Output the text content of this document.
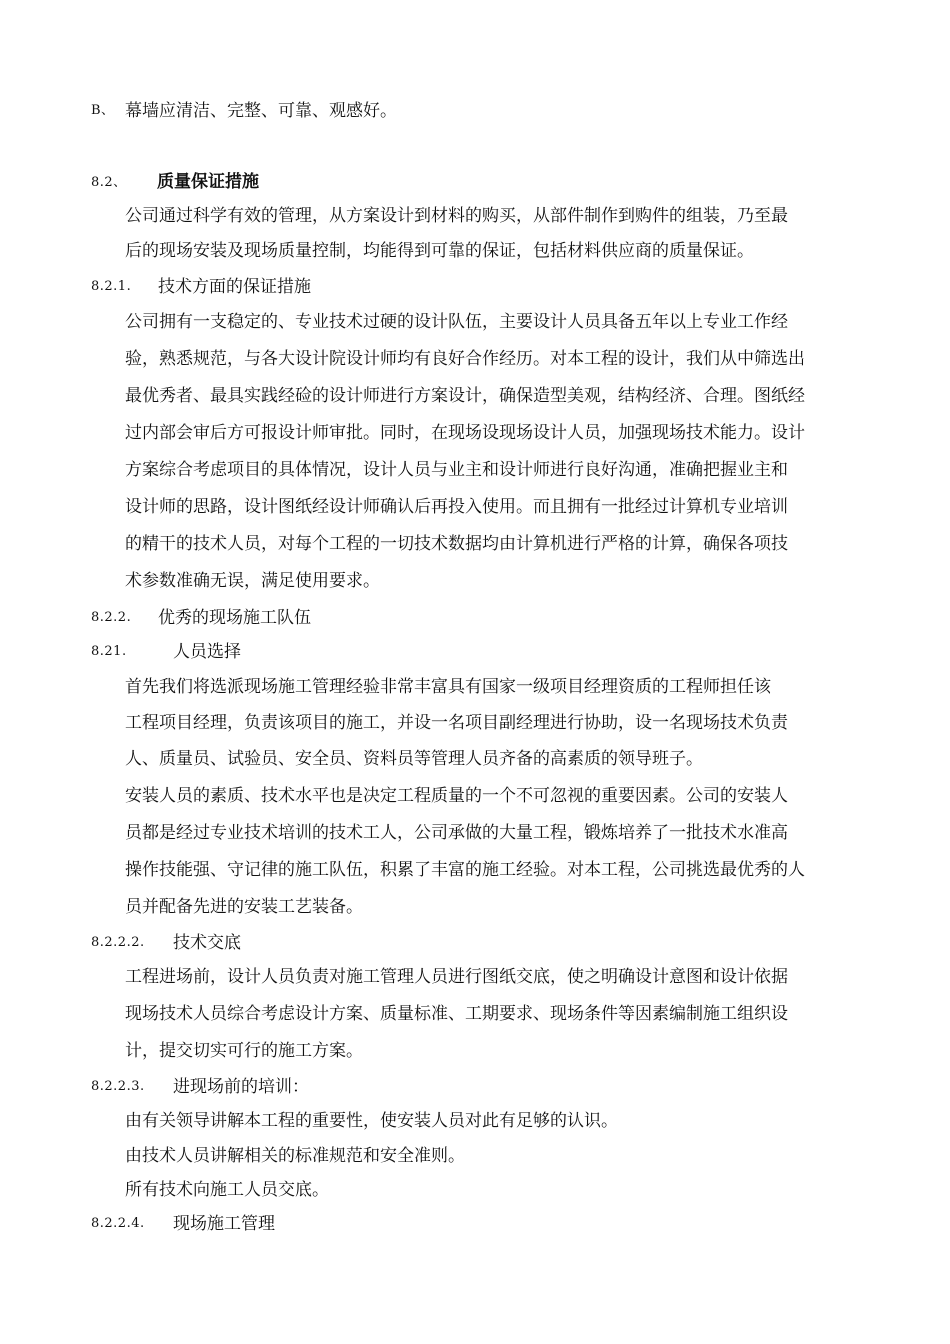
B、 幕墙应清洁、完整、可靠、观感好。
8.2、 质量保证措施
公司通过科学有效的管理，从方案设计到材料的购买，从部件制作到购件的组装，乃至最
后的现场安装及现场质量控制，均能得到可靠的保证，包括材料供应商的质量保证。
8.2.1. 技术方面的保证措施
公司拥有一支稳定的、专业技术过硬的设计队伍，主要设计人员具备五年以上专业工作经
验，熟悉规范，与各大设计院设计师均有良好合作经历。对本工程的设计，我们从中筛选出
最优秀者、最具实践经硷的设计师进行方案设计，确保造型美观，结构经济、合理。图纸经
过内部会审后方可报设计师审批。同时，在现场设现场设计人员，加强现场技术能力。设计
方案综合考虑项目的具体情况，设计人员与业主和设计师进行良好沟通，准确把握业主和
设计师的思路，设计图纸经设计师确认后再投入使用。而且拥有一批经过计算机专业培训
的精干的技术人员，对每个工程的一切技术数据均由计算机进行严格的计算，确保各项技
术参数准确无误，满足使用要求。
8.2.2. 优秀的现场施工队伍
8.21.	人员选择
首先我们将选派现场施工管理经验非常丰富具有国家一级项目经理资质的工程师担任该
工程项目经理，负责该项目的施工，并设一名项目副经理进行协助，设一名现场技术负责
人、质量员、试验员、安全员、资料员等管理人员齐备的高素质的领导班子。
安装人员的素质、技术水平也是决定工程质量的一个不可忽视的重要因素。公司的安装人
员都是经过专业技术培训的技术工人，公司承做的大量工程，锻炼培养了一批技术水准高
操作技能强、守记律的施工队伍，积累了丰富的施工经验。对本工程，公司挑选最优秀的人
员并配备先进的安装工艺装备。
8.2.2.2. 技术交底
工程进场前，设计人员负责对施工管理人员进行图纸交底，使之明确设计意图和设计依据
现场技术人员综合考虑设计方案、质量标准、工期要求、现场条件等因素编制施工组织设
计，提交切实可行的施工方案。
8.2.2.3. 进现场前的培训：
由有关领导讲解本工程的重要性，使安装人员对此有足够的认识。
由技术人员讲解相关的标准规范和安全准则。
所有技术向施工人员交底。
8.2.2.4. 现场施工管理
